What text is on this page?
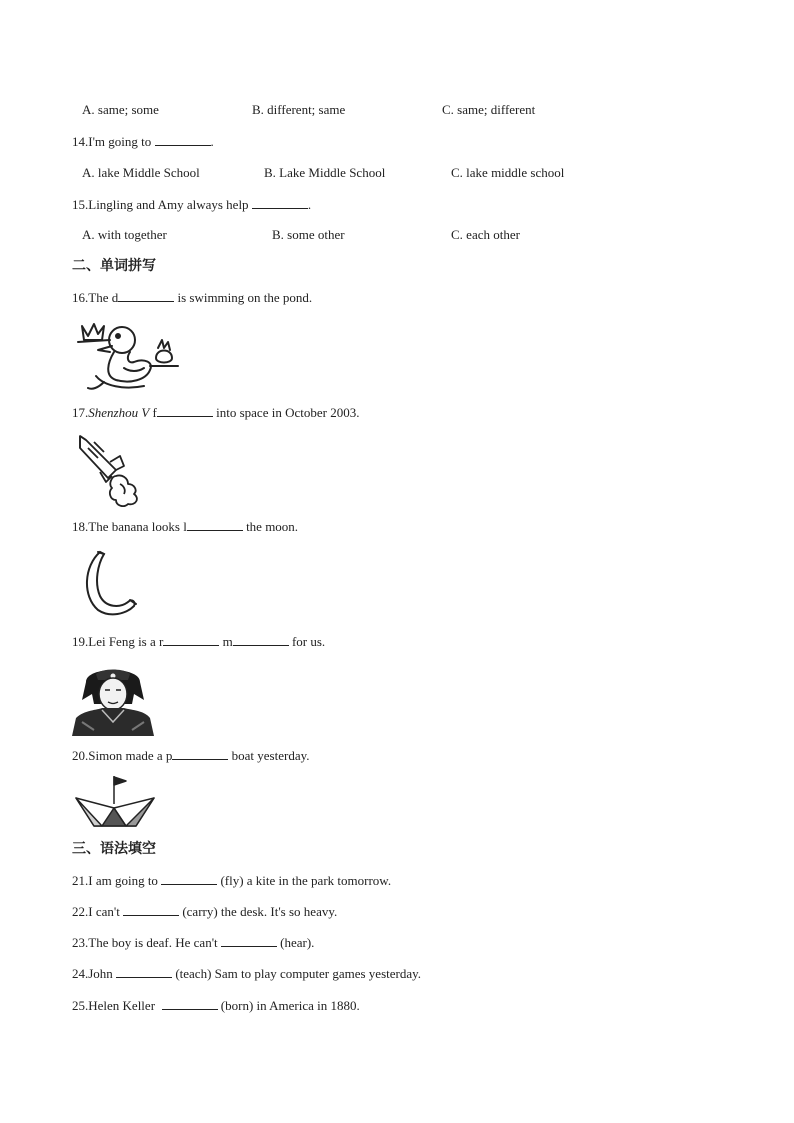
A. same; some	B. different; same	C. same; different
14.I'm going to	.
A. lake Middle School	B. Lake Middle School	C. lake middle school
15.Lingling and Amy always help	.
A. with together	B. some other	C. each other
二、单词拼写
16.The d	is swimming on the pond.
17.Shenzhou V f	into space in October 2003.
18.The banana looks l	the moon.
19.Lei Feng is a r	m	for us.
20.Simon made a p	boat yesterday.
三、语法填空
21.I am going to	(fly) a kite in the park tomorrow.
22.I can't	(carry) the desk. It's so heavy.
23.The boy is deaf. He can't	(hear).
24.John	(teach) Sam to play computer games yesterday.
25.Helen Keller	(born) in America in 1880.
